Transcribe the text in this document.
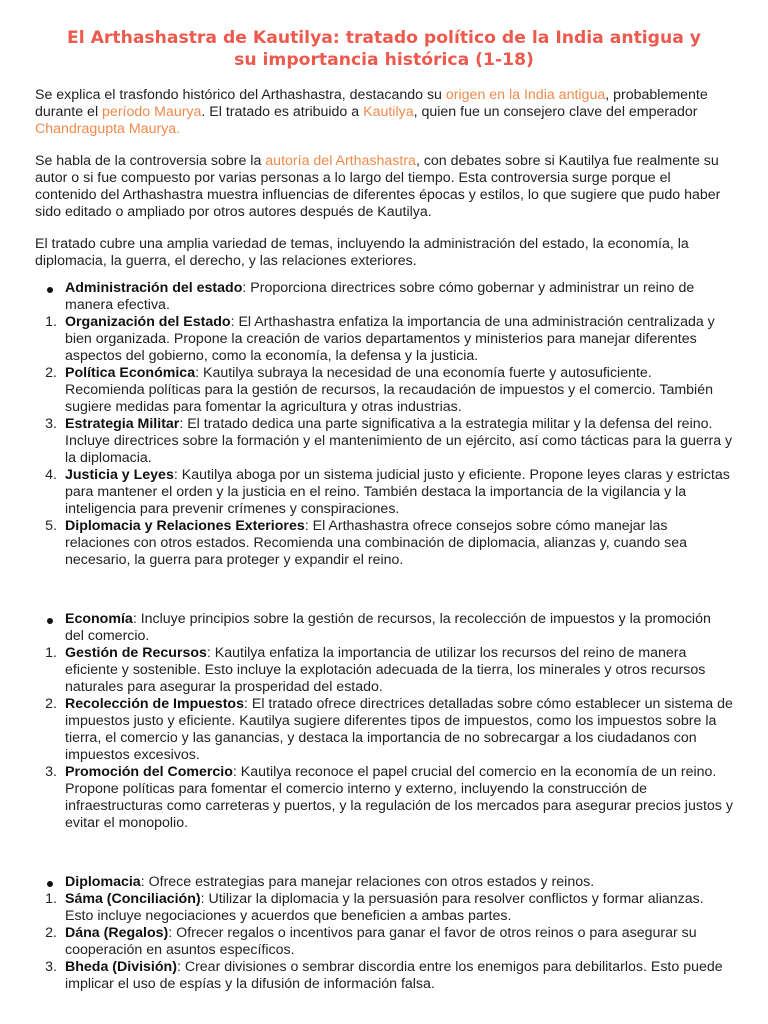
El Arthashastra de Kautilya: tratado político de la India antigua y su importancia histórica (1-18)

Se explica el trasfondo histórico del Arthashastra, destacando su origen en la India antigua, probablemente durante el período Maurya. El tratado es atribuido a Kautilya, quien fue un consejero clave del emperador Chandragupta Maurya.

Se habla de la controversia sobre la autoría del Arthashastra, con debates sobre si Kautilya fue realmente su autor o si fue compuesto por varias personas a lo largo del tiempo. Esta controversia surge porque el contenido del Arthashastra muestra influencias de diferentes épocas y estilos, lo que sugiere que pudo haber sido editado o ampliado por otros autores después de Kautilya.

El tratado cubre una amplia variedad de temas, incluyendo la administración del estado, la economía, la diplomacia, la guerra, el derecho, y las relaciones exteriores.

Administración del estado: Proporciona directrices sobre cómo gobernar y administrar un reino de manera efectiva.
1. Organización del Estado: El Arthashastra enfatiza la importancia de una administración centralizada y bien organizada. Propone la creación de varios departamentos y ministerios para manejar diferentes aspectos del gobierno, como la economía, la defensa y la justicia.
2. Política Económica: Kautilya subraya la necesidad de una economía fuerte y autosuficiente. Recomienda políticas para la gestión de recursos, la recaudación de impuestos y el comercio. También sugiere medidas para fomentar la agricultura y otras industrias.
3. Estrategia Militar: El tratado dedica una parte significativa a la estrategia militar y la defensa del reino. Incluye directrices sobre la formación y el mantenimiento de un ejército, así como tácticas para la guerra y la diplomacia.
4. Justicia y Leyes: Kautilya aboga por un sistema judicial justo y eficiente. Propone leyes claras y estrictas para mantener el orden y la justicia en el reino. También destaca la importancia de la vigilancia y la inteligencia para prevenir crímenes y conspiraciones.
5. Diplomacia y Relaciones Exteriores: El Arthashastra ofrece consejos sobre cómo manejar las relaciones con otros estados. Recomienda una combinación de diplomacia, alianzas y, cuando sea necesario, la guerra para proteger y expandir el reino.
Economía: Incluye principios sobre la gestión de recursos, la recolección de impuestos y la promoción del comercio.
1. Gestión de Recursos: Kautilya enfatiza la importancia de utilizar los recursos del reino de manera eficiente y sostenible. Esto incluye la explotación adecuada de la tierra, los minerales y otros recursos naturales para asegurar la prosperidad del estado.
2. Recolección de Impuestos: El tratado ofrece directrices detalladas sobre cómo establecer un sistema de impuestos justo y eficiente. Kautilya sugiere diferentes tipos de impuestos, como los impuestos sobre la tierra, el comercio y las ganancias, y destaca la importancia de no sobrecargar a los ciudadanos con impuestos excesivos.
3. Promoción del Comercio: Kautilya reconoce el papel crucial del comercio en la economía de un reino. Propone políticas para fomentar el comercio interno y externo, incluyendo la construcción de infraestructuras como carreteras y puertos, y la regulación de los mercados para asegurar precios justos y evitar el monopolio.
Diplomacia: Ofrece estrategias para manejar relaciones con otros estados y reinos.
1. Sáma (Conciliación): Utilizar la diplomacia y la persuasión para resolver conflictos y formar alianzas. Esto incluye negociaciones y acuerdos que beneficien a ambas partes.
2. Dána (Regalos): Ofrecer regalos o incentivos para ganar el favor de otros reinos o para asegurar su cooperación en asuntos específicos.
3. Bheda (División): Crear divisiones o sembrar discordia entre los enemigos para debilitarlos. Esto puede implicar el uso de espías y la difusión de información falsa.
